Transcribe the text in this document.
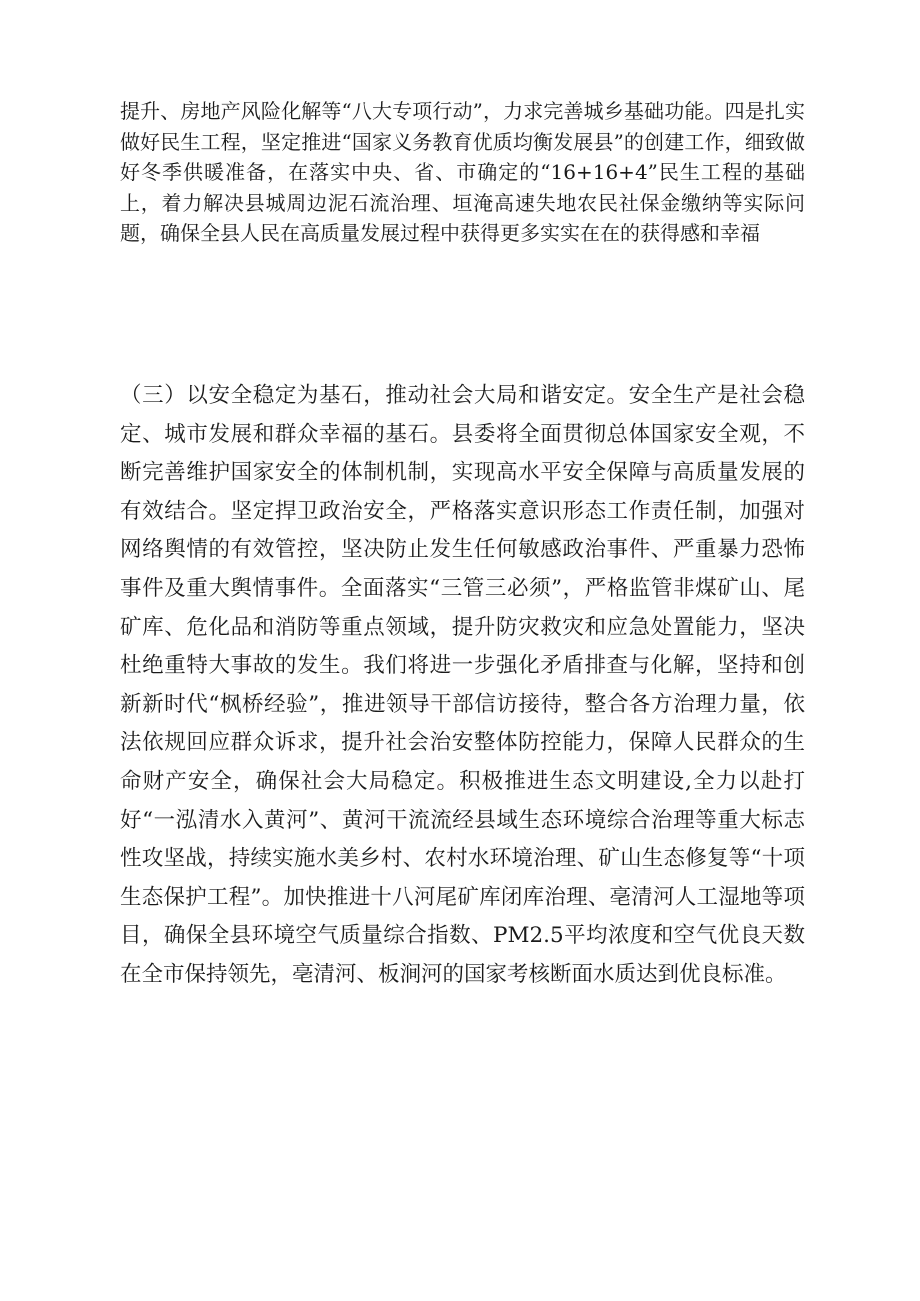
提升、房地产风险化解等“八大专项行动”，力求完善城乡基础功能。四是扎实做好民生工程，坚定推进“国家义务教育优质均衡发展县”的创建工作，细致做好冬季供暖准备，在落实中央、省、市确定的“16+16+4”民生工程的基础上，着力解决县城周边泥石流治理、垣淹高速失地农民社保金缴纳等实际问题，确保全县人民在高质量发展过程中获得更多实实在在的获得感和幸福

（三）以安全稳定为基石，推动社会大局和谐安定。安全生产是社会稳定、城市发展和群众幸福的基石。县委将全面贯彻总体国家安全观，不断完善维护国家安全的体制机制，实现高水平安全保障与高质量发展的有效结合。坚定捍卫政治安全，严格落实意识形态工作责任制，加强对网络舆情的有效管控，坚决防止发生任何敏感政治事件、严重暴力恐怖事件及重大舆情事件。全面落实“三管三必须”，严格监管非煤矿山、尾矿库、危化品和消防等重点领域，提升防灾救灾和应急处置能力，坚决杜绝重特大事故的发生。我们将进一步强化矛盾排查与化解，坚持和创新新时代“枫桥经验”，推进领导干部信访接待，整合各方治理力量，依法依规回应群众诉求，提升社会治安整体防控能力，保障人民群众的生命财产安全，确保社会大局稳定。积极推进生态文明建设,全力以赴打好“一泓清水入黄河”、黄河干流流经县域生态环境综合治理等重大标志性攻坚战，持续实施水美乡村、农村水环境治理、矿山生态修复等“十项生态保护工程”。加快推进十八河尾矿库闭库治理、亳清河人工湿地等项目，确保全县环境空气质量综合指数、PM2.5平均浓度和空气优良天数在全市保持领先，亳清河、板涧河的国家考核断面水质达到优良标准。
